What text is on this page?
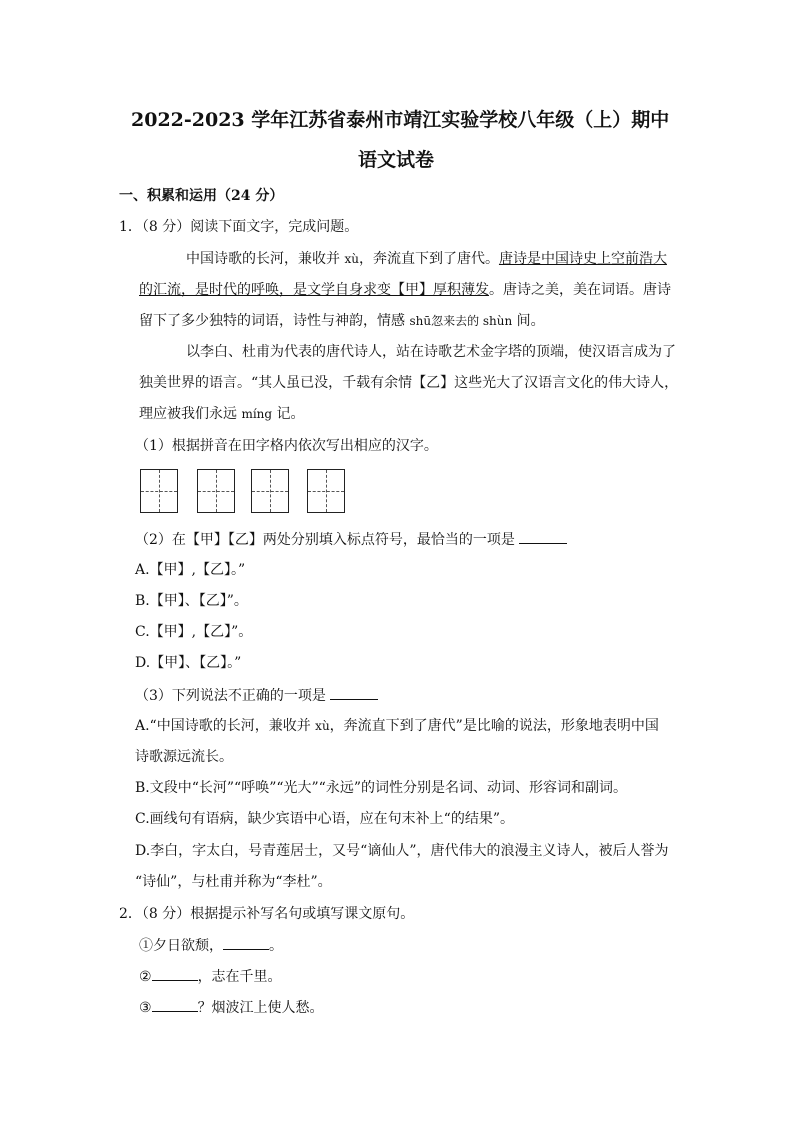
2022-2023 学年江苏省泰州市靖江实验学校八年级（上）期中
语文试卷
一、积累和运用（24 分）
1．（8 分）阅读下面文字，完成问题。
中国诗歌的长河，兼收并 xù，奔流直下到了唐代。唐诗是中国诗史上空前浩大
的汇流，是时代的呼唤，是文学自身求变【甲】厚积薄发。唐诗之美，美在词语。唐诗
留下了多少独特的词语，诗性与神韵，情感 shū忽来去的 shùn 间。
以李白、杜甫为代表的唐代诗人，站在诗歌艺术金字塔的顶端，使汉语言成为了
独美世界的语言。“其人虽已没，千载有余情【乙】这些光大了汉语言文化的伟大诗人，
理应被我们永远 míng 记。
（1）根据拼音在田字格内依次写出相应的汉字。
（2）在【甲】【乙】两处分别填入标点符号，最恰当的一项是
A.【甲】,【乙】。”
B.【甲】、【乙】”。
C.【甲】,【乙】”。
D.【甲】、【乙】。”
（3）下列说法不正确的一项是
A.“中国诗歌的长河，兼收并 xù，奔流直下到了唐代”是比喻的说法，形象地表明中国
诗歌源远流长。
B.文段中“长河”“呼唤”“光大”“永远”的词性分别是名词、动词、形容词和副词。
C.画线句有语病，缺少宾语中心语，应在句末补上“的结果”。
D.李白，字太白，号青莲居士，又号“谪仙人”，唐代伟大的浪漫主义诗人，被后人誉为
“诗仙”，与杜甫并称为“李杜”。
2．（8 分）根据提示补写名句或填写课文原句。
①夕日欲颓，	。
②	，志在千里。
③	？烟波江上使人愁。
